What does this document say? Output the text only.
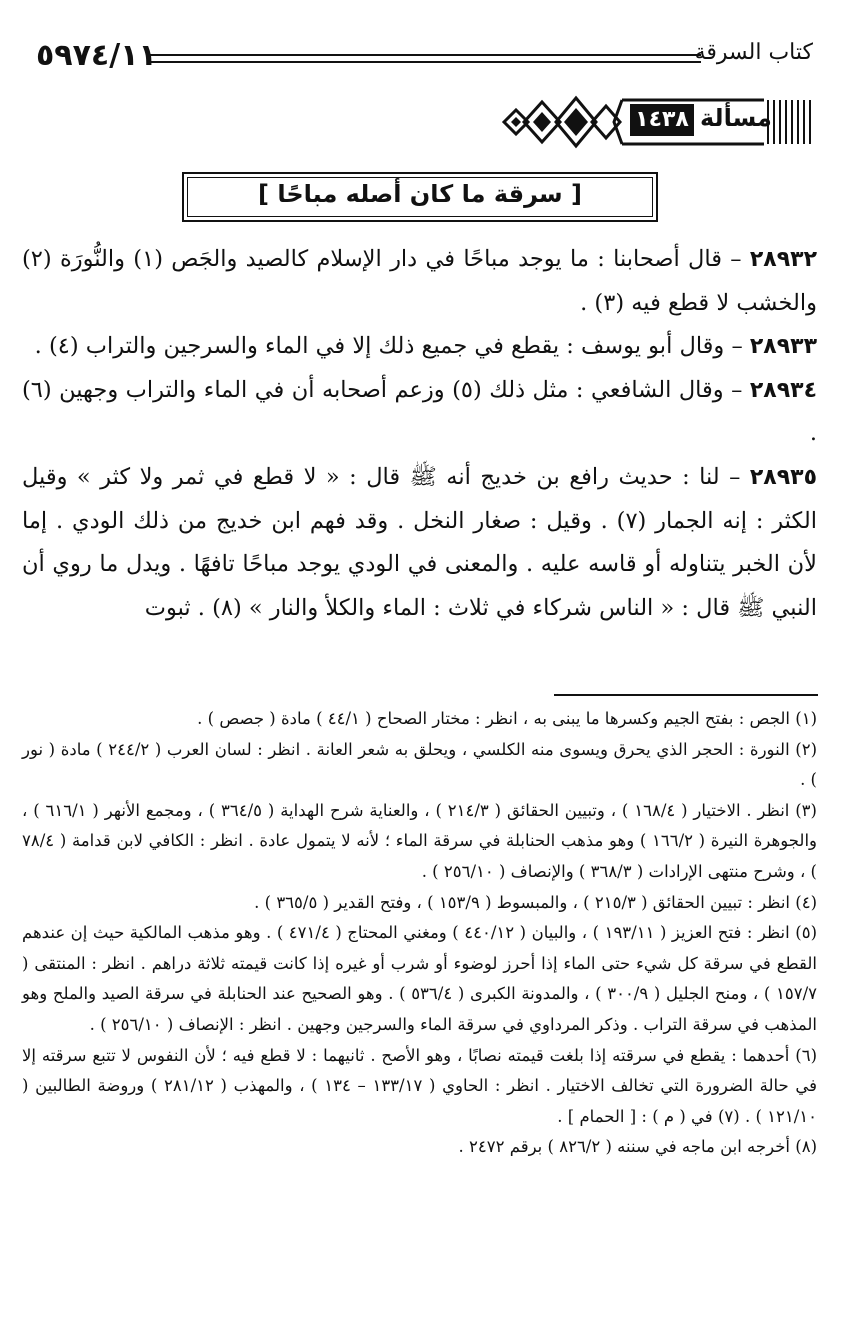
٥٩٧٤/١١	كتاب السرقة
مسألة
١٤٣٨
[ سرقة ما كان أصله مباحًا ]

٢٨٩٣٢ – قال أصحابنا : ما يوجد مباحًا في دار الإسلام كالصيد والجَص (١) والنُّورَة (٢) والخشب لا قطع فيه (٣) .

٢٨٩٣٣ – وقال أبو يوسف : يقطع في جميع ذلك إلا في الماء والسرجين والتراب (٤) .

٢٨٩٣٤ – وقال الشافعي : مثل ذلك (٥) وزعم أصحابه أن في الماء والتراب وجهين (٦) .

٢٨٩٣٥ – لنا : حديث رافع بن خديج أنه ﷺ قال : « لا قطع في ثمر ولا كثر » وقيل الكثر : إنه الجمار (٧) . وقيل : صغار النخل . وقد فهم ابن خديج من ذلك الودي . إما لأن الخبر يتناوله أو قاسه عليه . والمعنى في الودي يوجد مباحًا تافهًا . ويدل ما روي أن النبي ﷺ قال : « الناس شركاء في ثلاث : الماء والكلأ والنار » (٨) . ثبوت

(١) الجص : بفتح الجيم وكسرها ما يبنى به ، انظر : مختار الصحاح ( ٤٤/١ ) مادة ( جصص ) .

(٢) النورة : الحجر الذي يحرق ويسوى منه الكلسي ، ويحلق به شعر العانة . انظر : لسان العرب ( ٢٤٤/٢ ) مادة ( نور ) .

(٣) انظر . الاختيار ( ١٦٨/٤ ) ، وتبيين الحقائق ( ٢١٤/٣ ) ، والعناية شرح الهداية ( ٣٦٤/٥ ) ، ومجمع الأنهر ( ٦١٦/١ ) ، والجوهرة النيرة ( ١٦٦/٢ ) وهو مذهب الحنابلة في سرقة الماء ؛ لأنه لا يتمول عادة . انظر : الكافي لابن قدامة ( ٧٨/٤ ) ، وشرح منتهى الإرادات ( ٣٦٨/٣ ) والإنصاف ( ٢٥٦/١٠ ) .

(٤) انظر : تبيين الحقائق ( ٢١٥/٣ ) ، والمبسوط ( ١٥٣/٩ ) ، وفتح القدير ( ٣٦٥/٥ ) .

(٥) انظر : فتح العزيز ( ١٩٣/١١ ) ، والبيان ( ٤٤٠/١٢ ) ومغني المحتاج ( ٤٧١/٤ ) . وهو مذهب المالكية حيث إن عندهم القطع في سرقة كل شيء حتى الماء إذا أحرز لوضوء أو شرب أو غيره إذا كانت قيمته ثلاثة دراهم . انظر : المنتقى ( ١٥٧/٧ ) ، ومنح الجليل ( ٣٠٠/٩ ) ، والمدونة الكبرى ( ٥٣٦/٤ ) . وهو الصحيح عند الحنابلة في سرقة الصيد والملح وهو المذهب في سرقة التراب . وذكر المرداوي في سرقة الماء والسرجين وجهين . انظر : الإنصاف ( ٢٥٦/١٠ ) .

(٦) أحدهما : يقطع في سرقته إذا بلغت قيمته نصابًا ، وهو الأصح . ثانيهما : لا قطع فيه ؛ لأن النفوس لا تتبع سرقته إلا في حالة الضرورة التي تخالف الاختيار . انظر : الحاوي ( ١٣٣/١٧ – ١٣٤ ) ، والمهذب ( ٢٨١/١٢ ) وروضة الطالبين ( ١٢١/١٠ ) . (٧) في ( م ) : [ الحمام ] .

(٨) أخرجه ابن ماجه في سننه ( ٨٢٦/٢ ) برقم ٢٤٧٢ .
